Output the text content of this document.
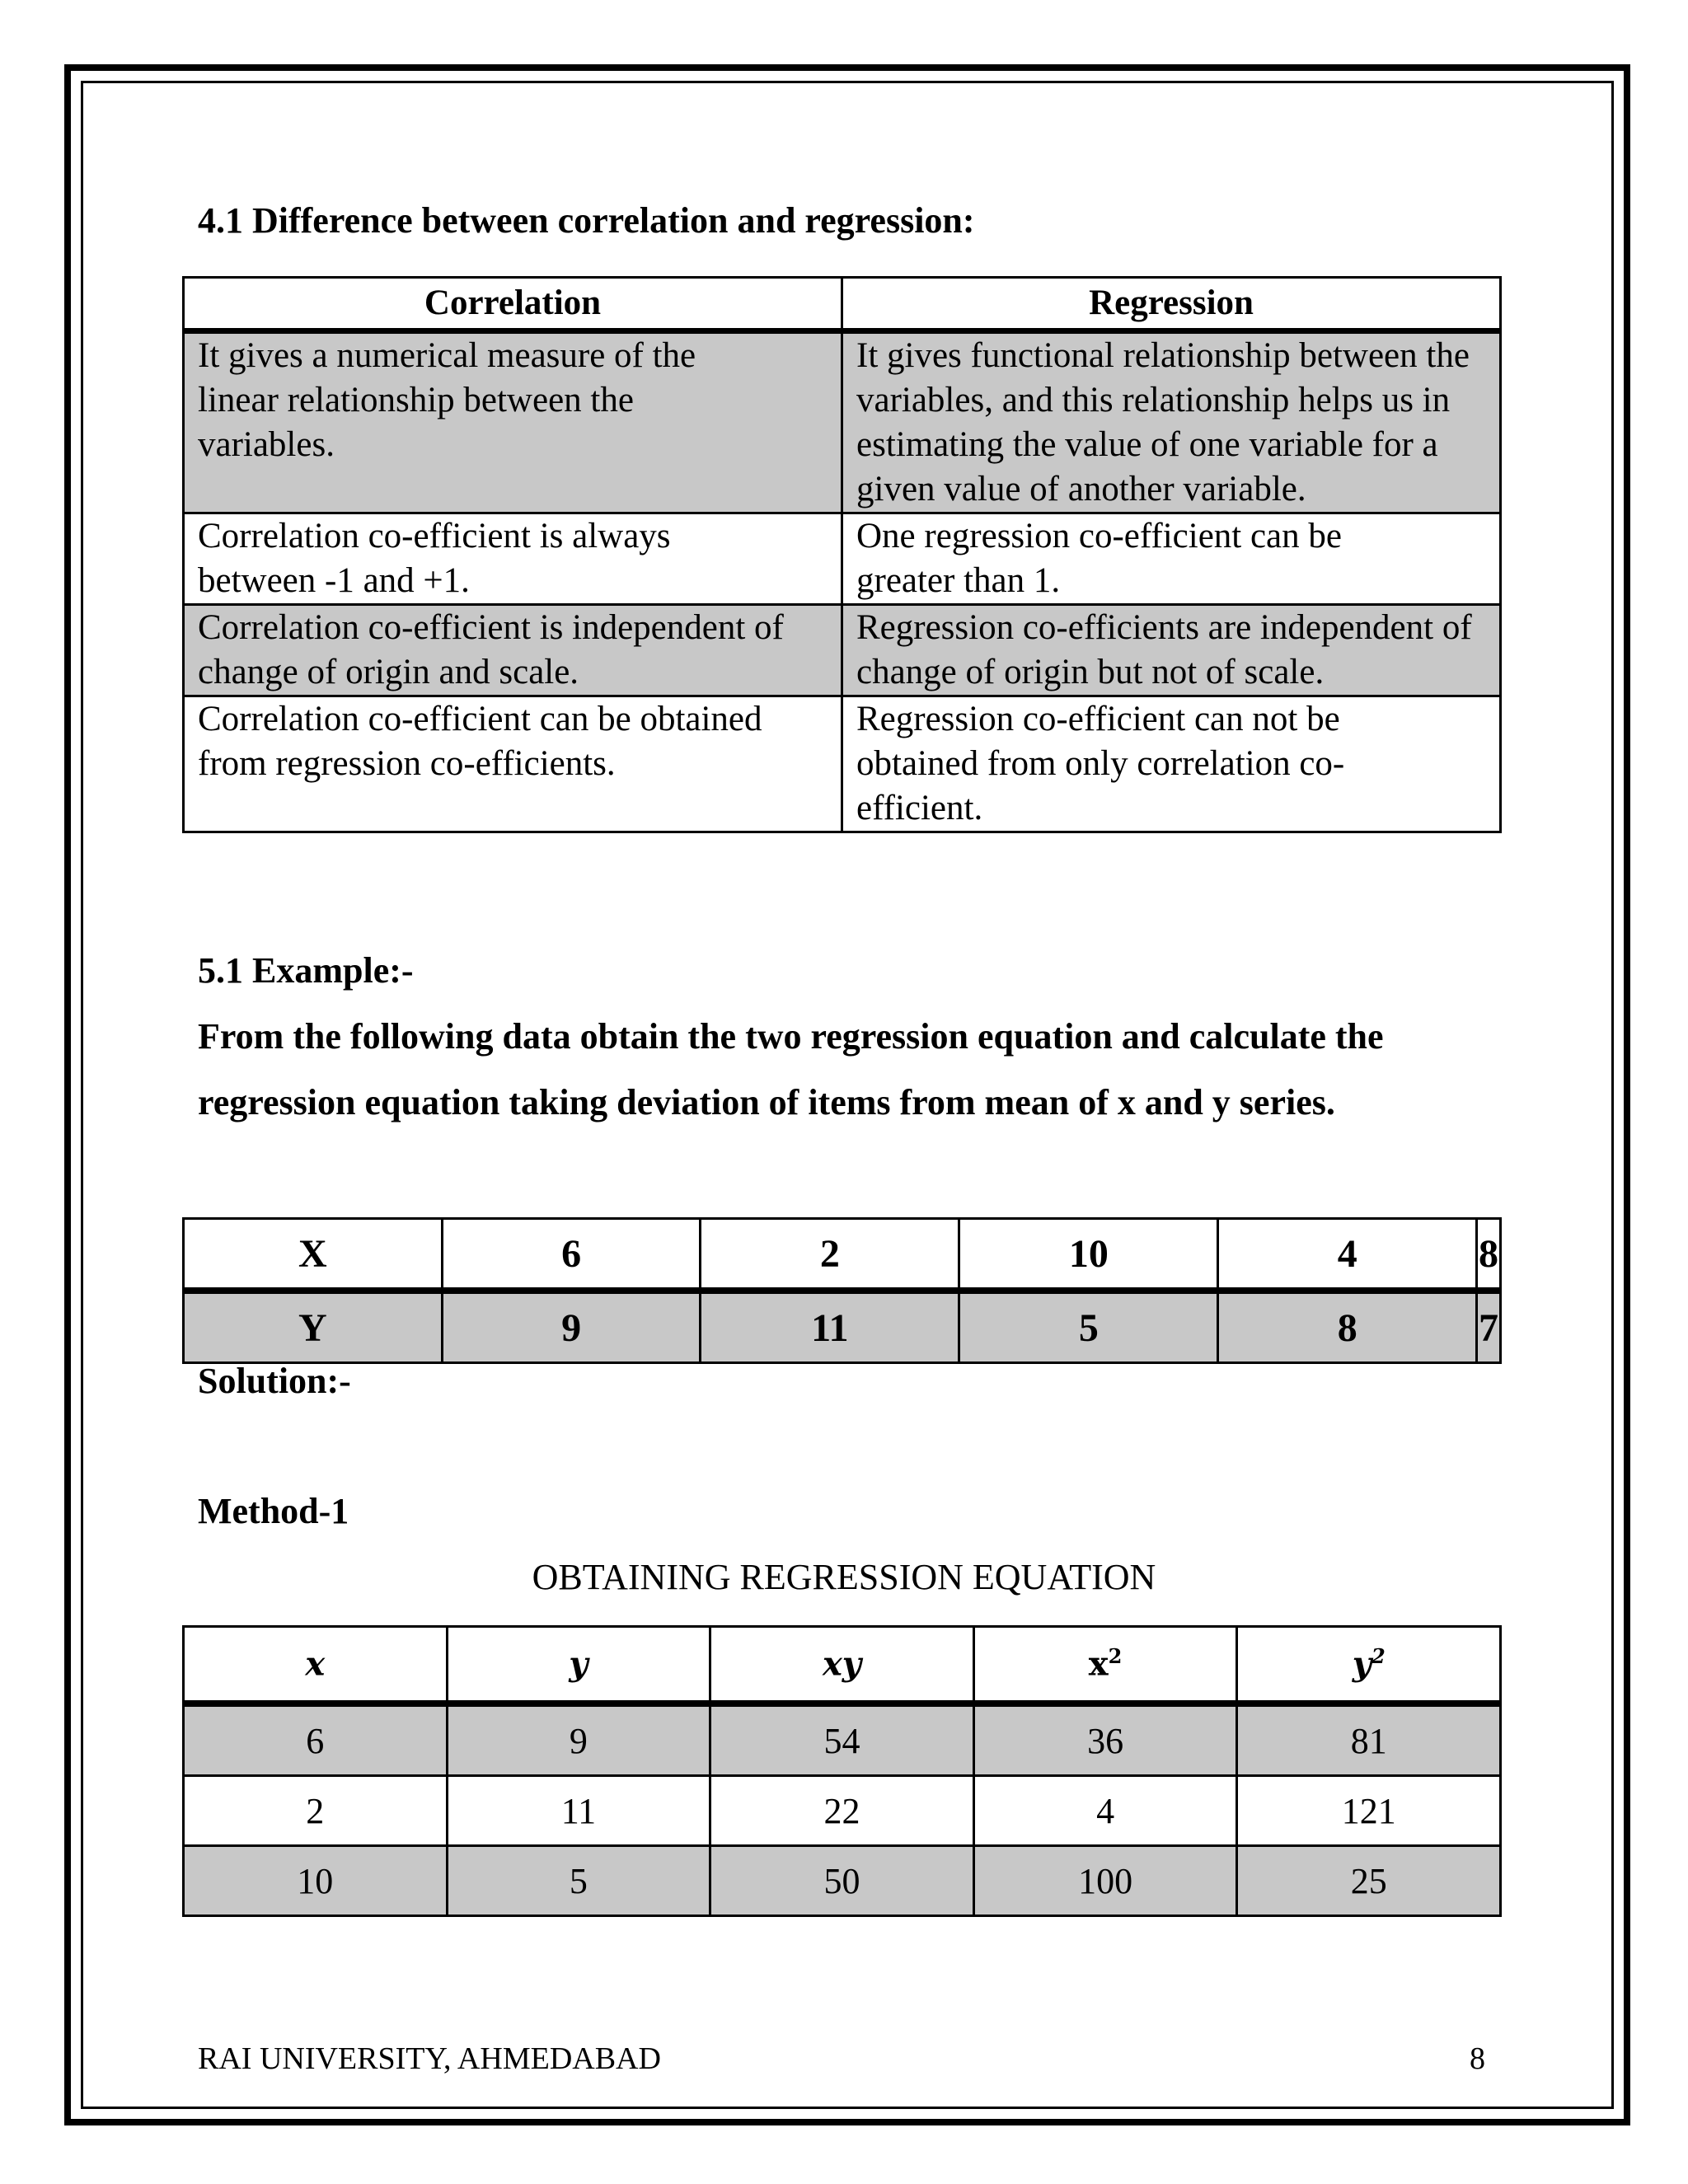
4.1 Difference between correlation and regression:
Correlation	Regression

It gives a numerical measure of the linear relationship between the variables.	It gives functional relationship between the variables, and this relationship helps us in estimating the value of one variable for a given value of another variable.

Correlation co-efficient is always between -1 and +1.	One regression co-efficient can be greater than 1.

Correlation co-efficient is independent of change of origin and scale.	Regression co-efficients are independent of change of origin but not of scale.

Correlation co-efficient can be obtained from regression co-efficients.	Regression co-efficient can not be obtained from only correlation co-efficient.
5.1 Example:-
From the following data obtain the two regression equation and calculate the
regression equation taking deviation of items from mean of x and y series.
X	6	2	10	4	8
Y	9	11	5	8	7
Solution:-
Method-1
OBTAINING REGRESSION EQUATION
x	y	xy	$x^2$	$y^2$
6	9	54	36	81
2	11	22	4	121
10	5	50	100	25
RAI UNIVERSITY, AHMEDABAD	8
